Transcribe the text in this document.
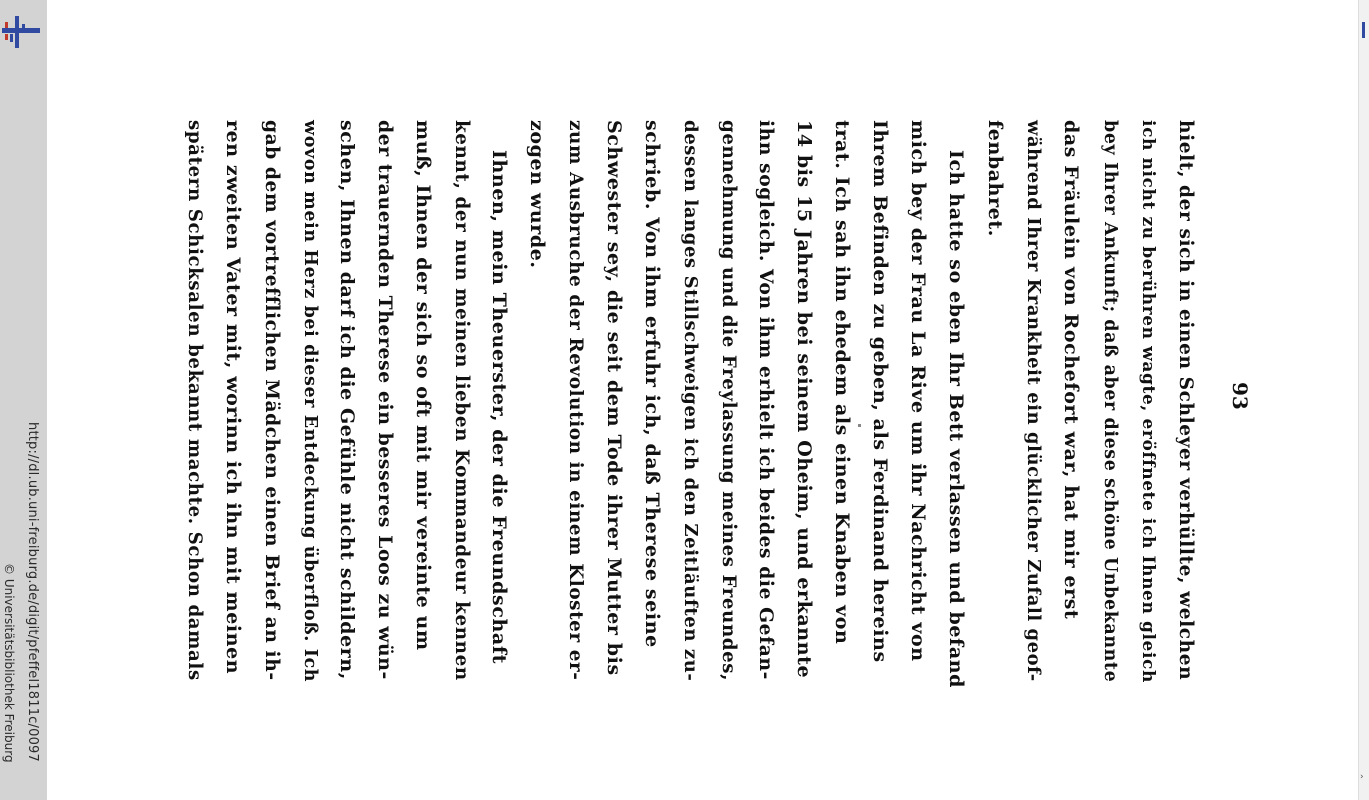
http://dl.ub.uni-freiburg.de/digit/pfeffel1811c/0097
© Universitätsbibliothek Freiburg
›
93
hielt, der sich in einen Schleyer verhüllte, welchen
ich nicht zu berühren wagte, eröffnete ich Ihnen gleich
bey Ihrer Ankunft; daß aber diese schöne Unbekannte
das Fräulein von Rochefort war, hat mir erst
während Ihrer Krankheit ein glücklicher Zufall geof-
fenbahret.
Ich hatte so eben Ihr Bett verlassen und befand
mich bey der Frau La Rive um ihr Nachricht von
Ihrem Befinden zu geben, als Ferdinand hereins
trat. Ich sah ihn ehedem als einen Knaben von
14 bis 15 Jahren bei seinem Oheim, und erkannte
ihn sogleich. Von ihm erhielt ich beides die Gefan-
gennehmung und die Freylassung meines Freundes,
dessen langes Stillschweigen ich den Zeitläuften zu-
schrieb. Von ihm erfuhr ich, daß Therese seine
Schwester sey, die seit dem Tode ihrer Mutter bis
zum Ausbruche der Revolution in einem Kloster er-
zogen wurde.
Ihnen, mein Theuerster, der die Freundschaft
kennt, der nun meinen lieben Kommandeur kennen
muß, Ihnen der sich so oft mit mir vereinte um
der trauernden Therese ein besseres Loos zu wün-
schen, Ihnen darf ich die Gefühle nicht schildern,
wovon mein Herz bei dieser Entdeckung überfloß. Ich
gab dem vortrefflichen Mädchen einen Brief an ih-
ren zweiten Vater mit, worinn ich ihn mit meinen
spätern Schicksalen bekannt machte. Schon damals
